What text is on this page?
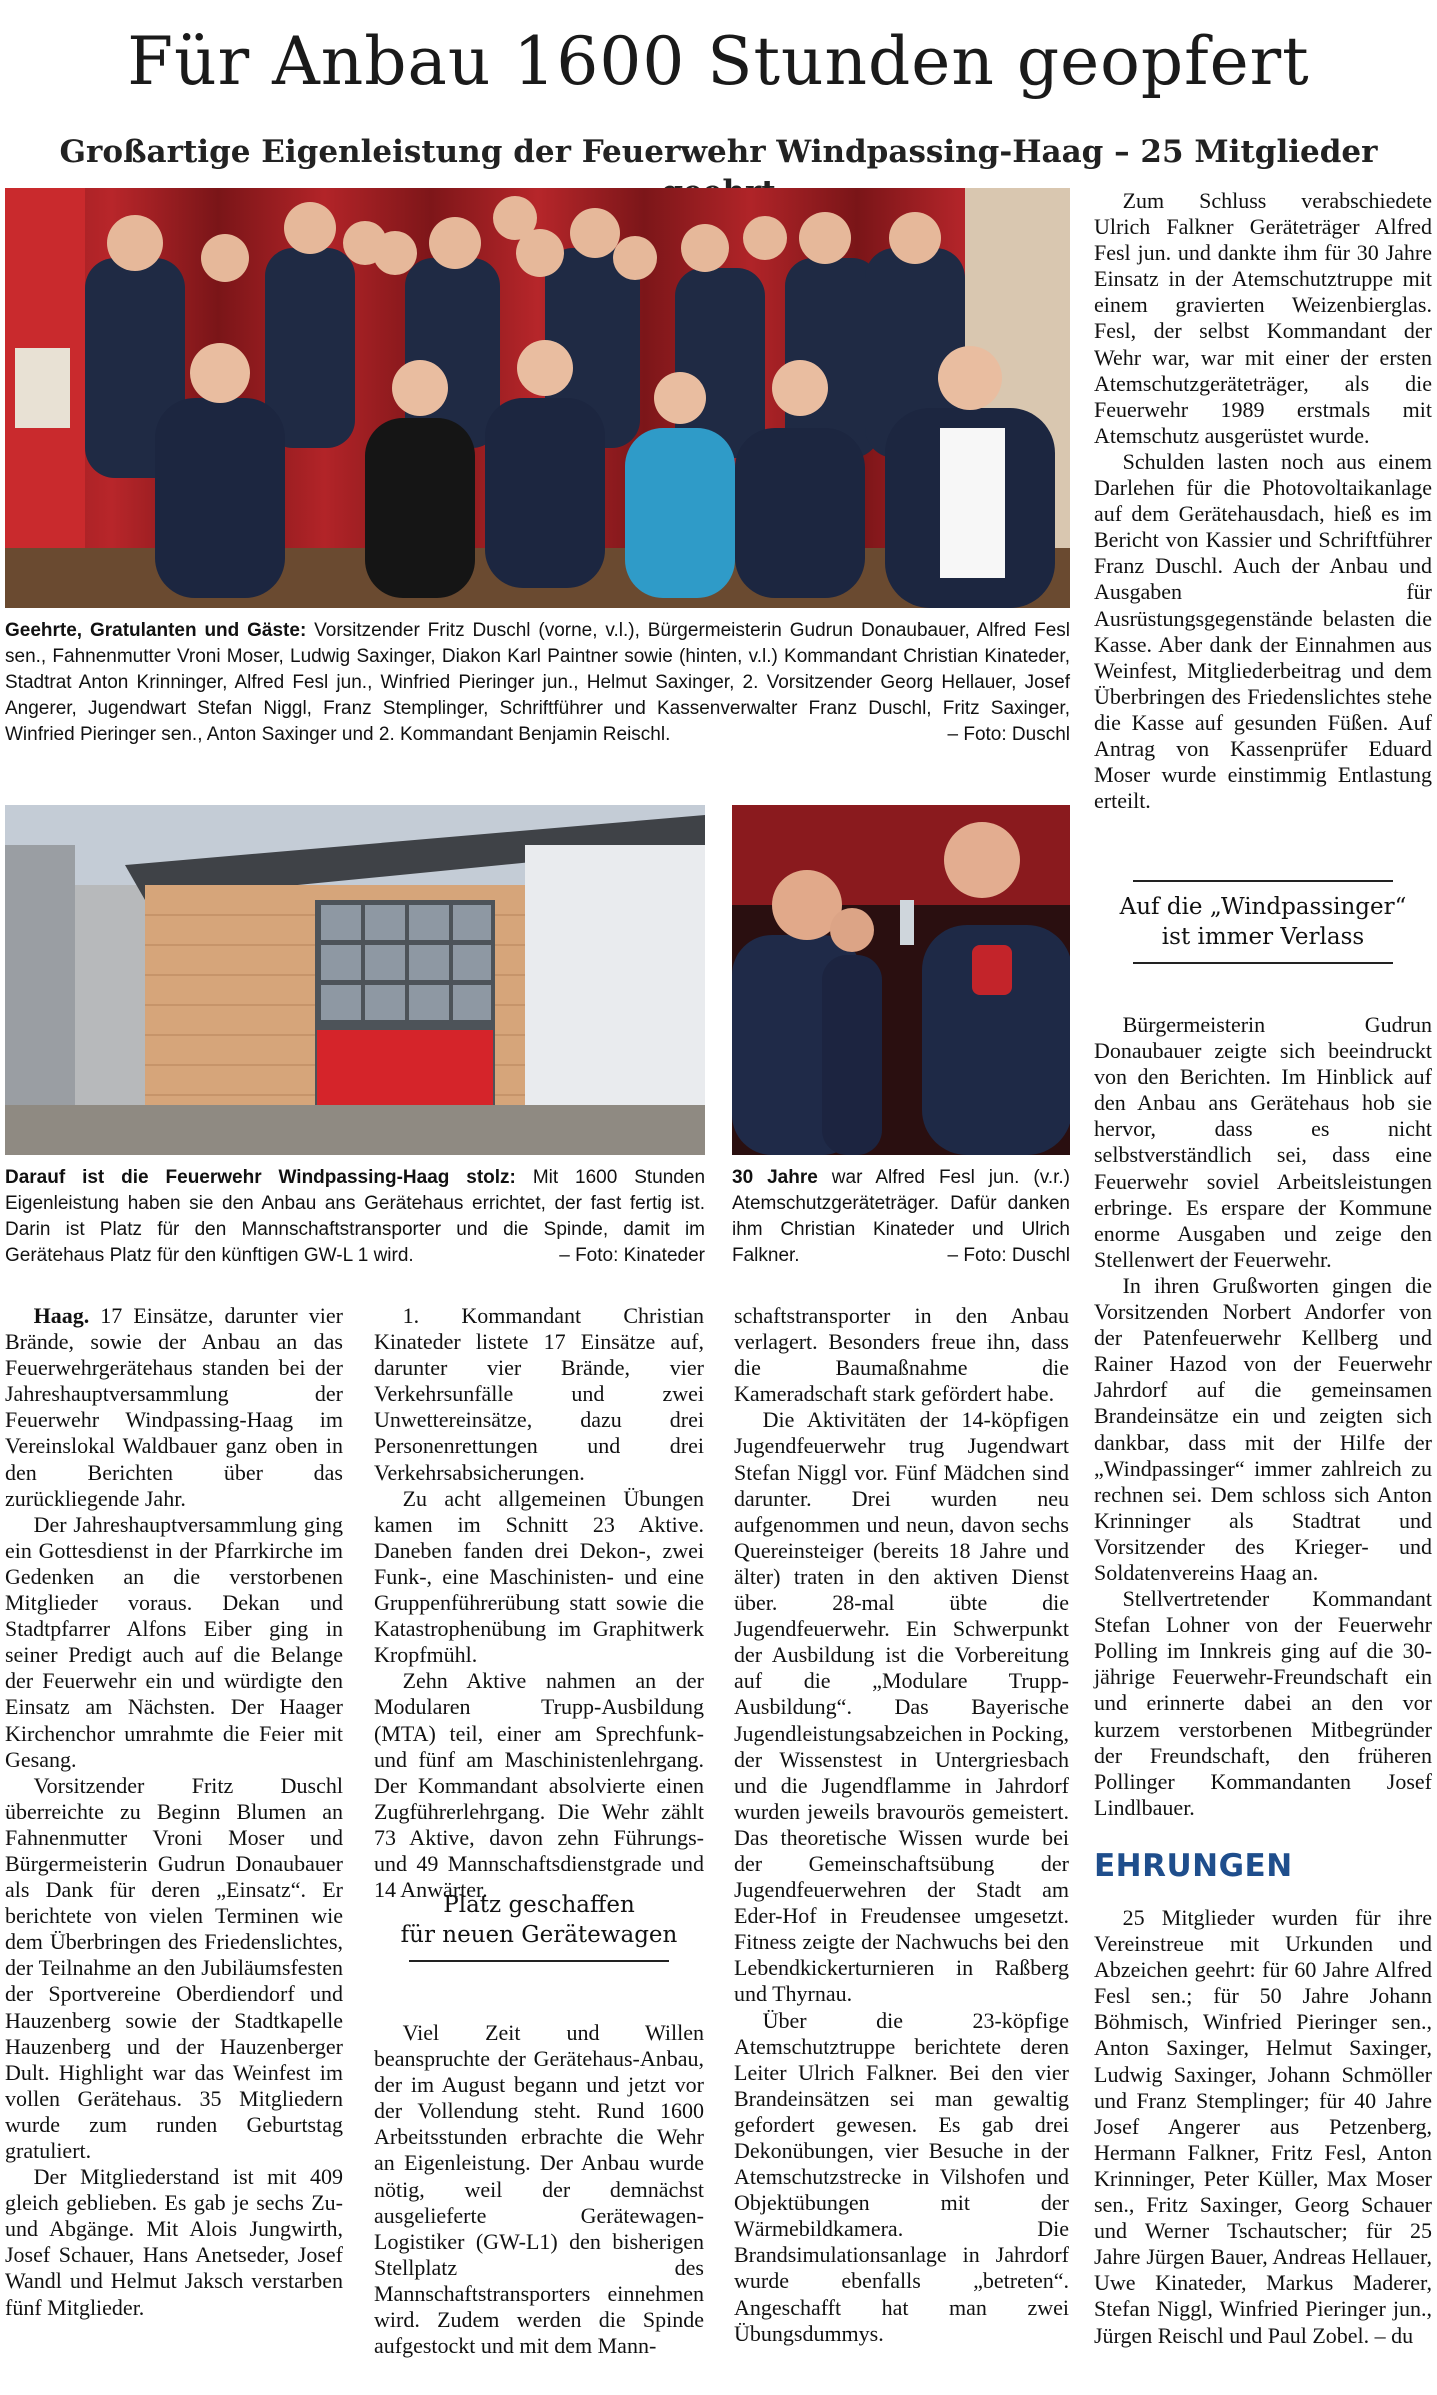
Für Anbau 1600 Stunden geopfert
Großartige Eigenleistung der Feuerwehr Windpassing-Haag – 25 Mitglieder
Geehrte, Gratulanten und Gäste: Vorsitzender Fritz Duschl (vorne, v.l.), Bürgermeisterin Gudrun Donaubauer, Alfred Fesl sen., Fahnenmutter Vroni Moser, Ludwig Saxinger, Diakon Karl Paintner sowie (hinten, v.l.) Kommandant Christian Kinateder, Stadtrat Anton Krinninger, Alfred Fesl jun., Winfried Pieringer jun., Helmut Saxinger, 2. Vorsitzender Georg Hellauer, Josef Angerer, Jugendwart Stefan Niggl, Franz Stemplinger, Schriftführer und Kassenverwalter Franz Duschl, Fritz Saxinger, Winfried Pieringer sen., Anton Saxinger und 2. Kommandant Benjamin Reischl.	– Foto: Duschl
Darauf ist die Feuerwehr Windpassing-Haag stolz: Mit 1600 Stunden Eigenleistung haben sie den Anbau ans Gerätehaus errichtet, der fast fertig ist. Darin ist Platz für den Mannschaftstransporter und die Spinde, damit im Gerätehaus Platz für den künftigen GW-L 1 wird.	– Foto: Kinateder
30 Jahre war Alfred Fesl jun. (v.r.) Atemschutzgeräteträger. Dafür danken ihm Christian Kinateder und Ulrich Falkner.	– Foto: Duschl

Haag. 17 Einsätze, darunter vier Brände, sowie der Anbau an das Feuerwehrgerätehaus standen bei der Jahreshauptversammlung der Feuerwehr Windpassing-Haag im Vereinslokal Waldbauer ganz oben in den Berichten über das zurückliegende Jahr.

Der Jahreshauptversammlung ging ein Gottesdienst in der Pfarrkirche im Gedenken an die verstorbenen Mitglieder voraus. Dekan und Stadtpfarrer Alfons Eiber ging in seiner Predigt auch auf die Belange der Feuerwehr ein und würdigte den Einsatz am Nächsten. Der Haager Kirchenchor umrahmte die Feier mit Gesang.

Vorsitzender Fritz Duschl überreichte zu Beginn Blumen an Fahnenmutter Vroni Moser und Bürgermeisterin Gudrun Donaubauer als Dank für deren „Einsatz“. Er berichtete von vielen Terminen wie dem Überbringen des Friedenslichtes, der Teilnahme an den Jubiläumsfesten der Sportvereine Oberdiendorf und Hauzenberg sowie der Stadtkapelle Hauzenberg und der Hauzenberger Dult. Highlight war das Weinfest im vollen Gerätehaus. 35 Mitgliedern wurde zum runden Geburtstag gratuliert.

Der Mitgliederstand ist mit 409 gleich geblieben. Es gab je sechs Zu- und Abgänge. Mit Alois Jungwirth, Josef Schauer, Hans Anetseder, Josef Wandl und Helmut Jaksch verstarben fünf Mitglieder.

1. Kommandant Christian Kinateder listete 17 Einsätze auf, darunter vier Brände, vier Verkehrsunfälle und zwei Unwettereinsätze, dazu drei Personenrettungen und drei Verkehrsabsicherungen.

Zu acht allgemeinen Übungen kamen im Schnitt 23 Aktive. Daneben fanden drei Dekon-, zwei Funk-, eine Maschinisten- und eine Gruppenführerübung statt sowie die Katastrophenübung im Graphitwerk Kropfmühl.

Zehn Aktive nahmen an der Modularen Trupp-Ausbildung (MTA) teil, einer am Sprechfunk- und fünf am Maschinistenlehrgang. Der Kommandant absolvierte einen Zugführerlehrgang. Die Wehr zählt 73 Aktive, davon zehn Führungs- und 49 Mannschaftsdienstgrade und 14 Anwärter.

Platz geschaffen
für neuen Gerätewagen

Viel Zeit und Willen beanspruchte der Gerätehaus-Anbau, der im August begann und jetzt vor der Vollendung steht. Rund 1600 Arbeitsstunden erbrachte die Wehr an Eigenleistung. Der Anbau wurde nötig, weil der demnächst ausgelieferte Gerätewagen-Logistiker (GW-L1) den bisherigen Stellplatz des Mannschaftstransporters einnehmen wird. Zudem werden die Spinde aufgestockt und mit dem Mann-

schaftstransporter in den Anbau verlagert. Besonders freue ihn, dass die Baumaßnahme die Kameradschaft stark gefördert habe.

Die Aktivitäten der 14-köpfigen Jugendfeuerwehr trug Jugendwart Stefan Niggl vor. Fünf Mädchen sind darunter. Drei wurden neu aufgenommen und neun, davon sechs Quereinsteiger (bereits 18 Jahre und älter) traten in den aktiven Dienst über. 28-mal übte die Jugendfeuerwehr. Ein Schwerpunkt der Ausbildung ist die Vorbereitung auf die „Modulare Trupp-Ausbildung“. Das Bayerische Jugendleistungsabzeichen in Pocking, der Wissenstest in Untergriesbach und die Jugendflamme in Jahrdorf wurden jeweils bravourös gemeistert. Das theoretische Wissen wurde bei der Gemeinschaftsübung der Jugendfeuerwehren der Stadt am Eder-Hof in Freudensee umgesetzt. Fitness zeigte der Nachwuchs bei den Lebendkickerturnieren in Raßberg und Thyrnau.

Über die 23-köpfige Atemschutztruppe berichtete deren Leiter Ulrich Falkner. Bei den vier Brandeinsätzen sei man gewaltig gefordert gewesen. Es gab drei Dekonübungen, vier Besuche in der Atemschutzstrecke in Vilshofen und Objektübungen mit der Wärmebildkamera. Die Brandsimulationsanlage in Jahrdorf wurde ebenfalls „betreten“. Angeschafft hat man zwei Übungsdummys.

Zum Schluss verabschiedete Ulrich Falkner Geräteträger Alfred Fesl jun. und dankte ihm für 30 Jahre Einsatz in der Atemschutztruppe mit einem gravierten Weizenbierglas. Fesl, der selbst Kommandant der Wehr war, war mit einer der ersten Atemschutzgeräteträger, als die Feuerwehr 1989 erstmals mit Atemschutz ausgerüstet wurde.

Schulden lasten noch aus einem Darlehen für die Photovoltaikanlage auf dem Gerätehausdach, hieß es im Bericht von Kassier und Schriftführer Franz Duschl. Auch der Anbau und Ausgaben für Ausrüstungsgegenstände belasten die Kasse. Aber dank der Einnahmen aus Weinfest, Mitgliederbeitrag und dem Überbringen des Friedenslichtes stehe die Kasse auf gesunden Füßen. Auf Antrag von Kassenprüfer Eduard Moser wurde einstimmig Entlastung erteilt.

Auf die „Windpassinger“
ist immer Verlass

Bürgermeisterin Gudrun Donaubauer zeigte sich beeindruckt von den Berichten. Im Hinblick auf den Anbau ans Gerätehaus hob sie hervor, dass es nicht selbstverständlich sei, dass eine Feuerwehr soviel Arbeitsleistungen erbringe. Es erspare der Kommune enorme Ausgaben und zeige den Stellenwert der Feuerwehr.

In ihren Grußworten gingen die Vorsitzenden Norbert Andorfer von der Patenfeuerwehr Kellberg und Rainer Hazod von der Feuerwehr Jahrdorf auf die gemeinsamen Brandeinsätze ein und zeigten sich dankbar, dass mit der Hilfe der „Windpassinger“ immer zahlreich zu rechnen sei. Dem schloss sich Anton Krinninger als Stadtrat und Vorsitzender des Krieger- und Soldatenvereins Haag an.

Stellvertretender Kommandant Stefan Lohner von der Feuerwehr Polling im Innkreis ging auf die 30-jährige Feuerwehr-Freundschaft ein und erinnerte dabei an den vor kurzem verstorbenen Mitbegründer der Freundschaft, den früheren Pollinger Kommandanten Josef Lindlbauer.

EHRUNGEN

25 Mitglieder wurden für ihre Vereinstreue mit Urkunden und Abzeichen geehrt: für 60 Jahre Alfred Fesl sen.; für 50 Jahre Johann Böhmisch, Winfried Pieringer sen., Anton Saxinger, Helmut Saxinger, Ludwig Saxinger, Johann Schmöller und Franz Stemplinger; für 40 Jahre Josef Angerer aus Petzenberg, Hermann Falkner, Fritz Fesl, Anton Krinninger, Peter Küller, Max Moser sen., Fritz Saxinger, Georg Schauer und Werner Tschautscher; für 25 Jahre Jürgen Bauer, Andreas Hellauer, Uwe Kinateder, Markus Maderer, Stefan Niggl, Winfried Pieringer jun., Jürgen Reischl und Paul Zobel. – du
